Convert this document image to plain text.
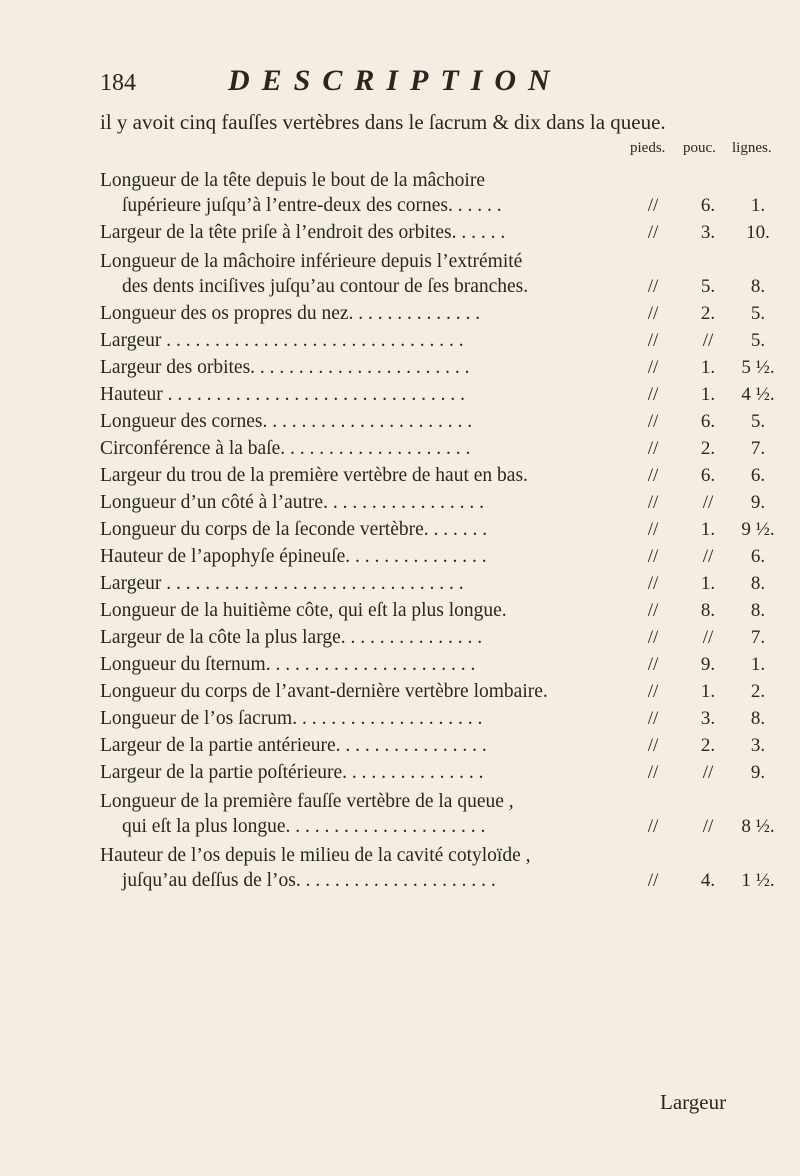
184	DESCRIPTION
il y avoit cinq fauſſes vertèbres dans le ſacrum & dix dans la queue.
pieds. pouc. lignes.
Longueur de la tête depuis le bout de la mâchoire
ſupérieure juſqu’à l’entre-deux des cornes. . . . . .	//	6.	1.
Largeur de la tête priſe à l’endroit des orbites. . . . . .	//	3.	10.
Longueur de la mâchoire inférieure depuis l’extrémité
des dents inciſives juſqu’au contour de ſes branches.	//	5.	8.
Longueur des os propres du nez. . . . . . . . . . . . . .	//	2.	5.
Largeur . . . . . . . . . . . . . . . . . . . . . . . . . . . . . . .	//	//	5.
Largeur des orbites. . . . . . . . . . . . . . . . . . . . . . .	//	1.	5 ½.
Hauteur . . . . . . . . . . . . . . . . . . . . . . . . . . . . . . .	//	1.	4 ½.
Longueur des cornes. . . . . . . . . . . . . . . . . . . . . .	//	6.	5.
Circonférence à la baſe. . . . . . . . . . . . . . . . . . . .	//	2.	7.
Largeur du trou de la première vertèbre de haut en bas.	//	6.	6.
Longueur d’un côté à l’autre. . . . . . . . . . . . . . . . .	//	//	9.
Longueur du corps de la ſeconde vertèbre. . . . . . .	//	1.	9 ½.
Hauteur de l’apophyſe épineuſe. . . . . . . . . . . . . . .	//	//	6.
Largeur . . . . . . . . . . . . . . . . . . . . . . . . . . . . . . .	//	1.	8.
Longueur de la huitième côte, qui eſt la plus longue.	//	8.	8.
Largeur de la côte la plus large. . . . . . . . . . . . . . .	//	//	7.
Longueur du ſternum. . . . . . . . . . . . . . . . . . . . . .	//	9.	1.
Longueur du corps de l’avant-dernière vertèbre lombaire.	//	1.	2.
Longueur de l’os ſacrum. . . . . . . . . . . . . . . . . . . .	//	3.	8.
Largeur de la partie antérieure. . . . . . . . . . . . . . . .	//	2.	3.
Largeur de la partie poſtérieure. . . . . . . . . . . . . . .	//	//	9.
Longueur de la première fauſſe vertèbre de la queue ,
qui eſt la plus longue. . . . . . . . . . . . . . . . . . . . .	//	//	8 ½.
Hauteur de l’os depuis le milieu de la cavité cotyloïde ,
juſqu’au deſſus de l’os. . . . . . . . . . . . . . . . . . . . .	//	4.	1 ½.
Largeur
